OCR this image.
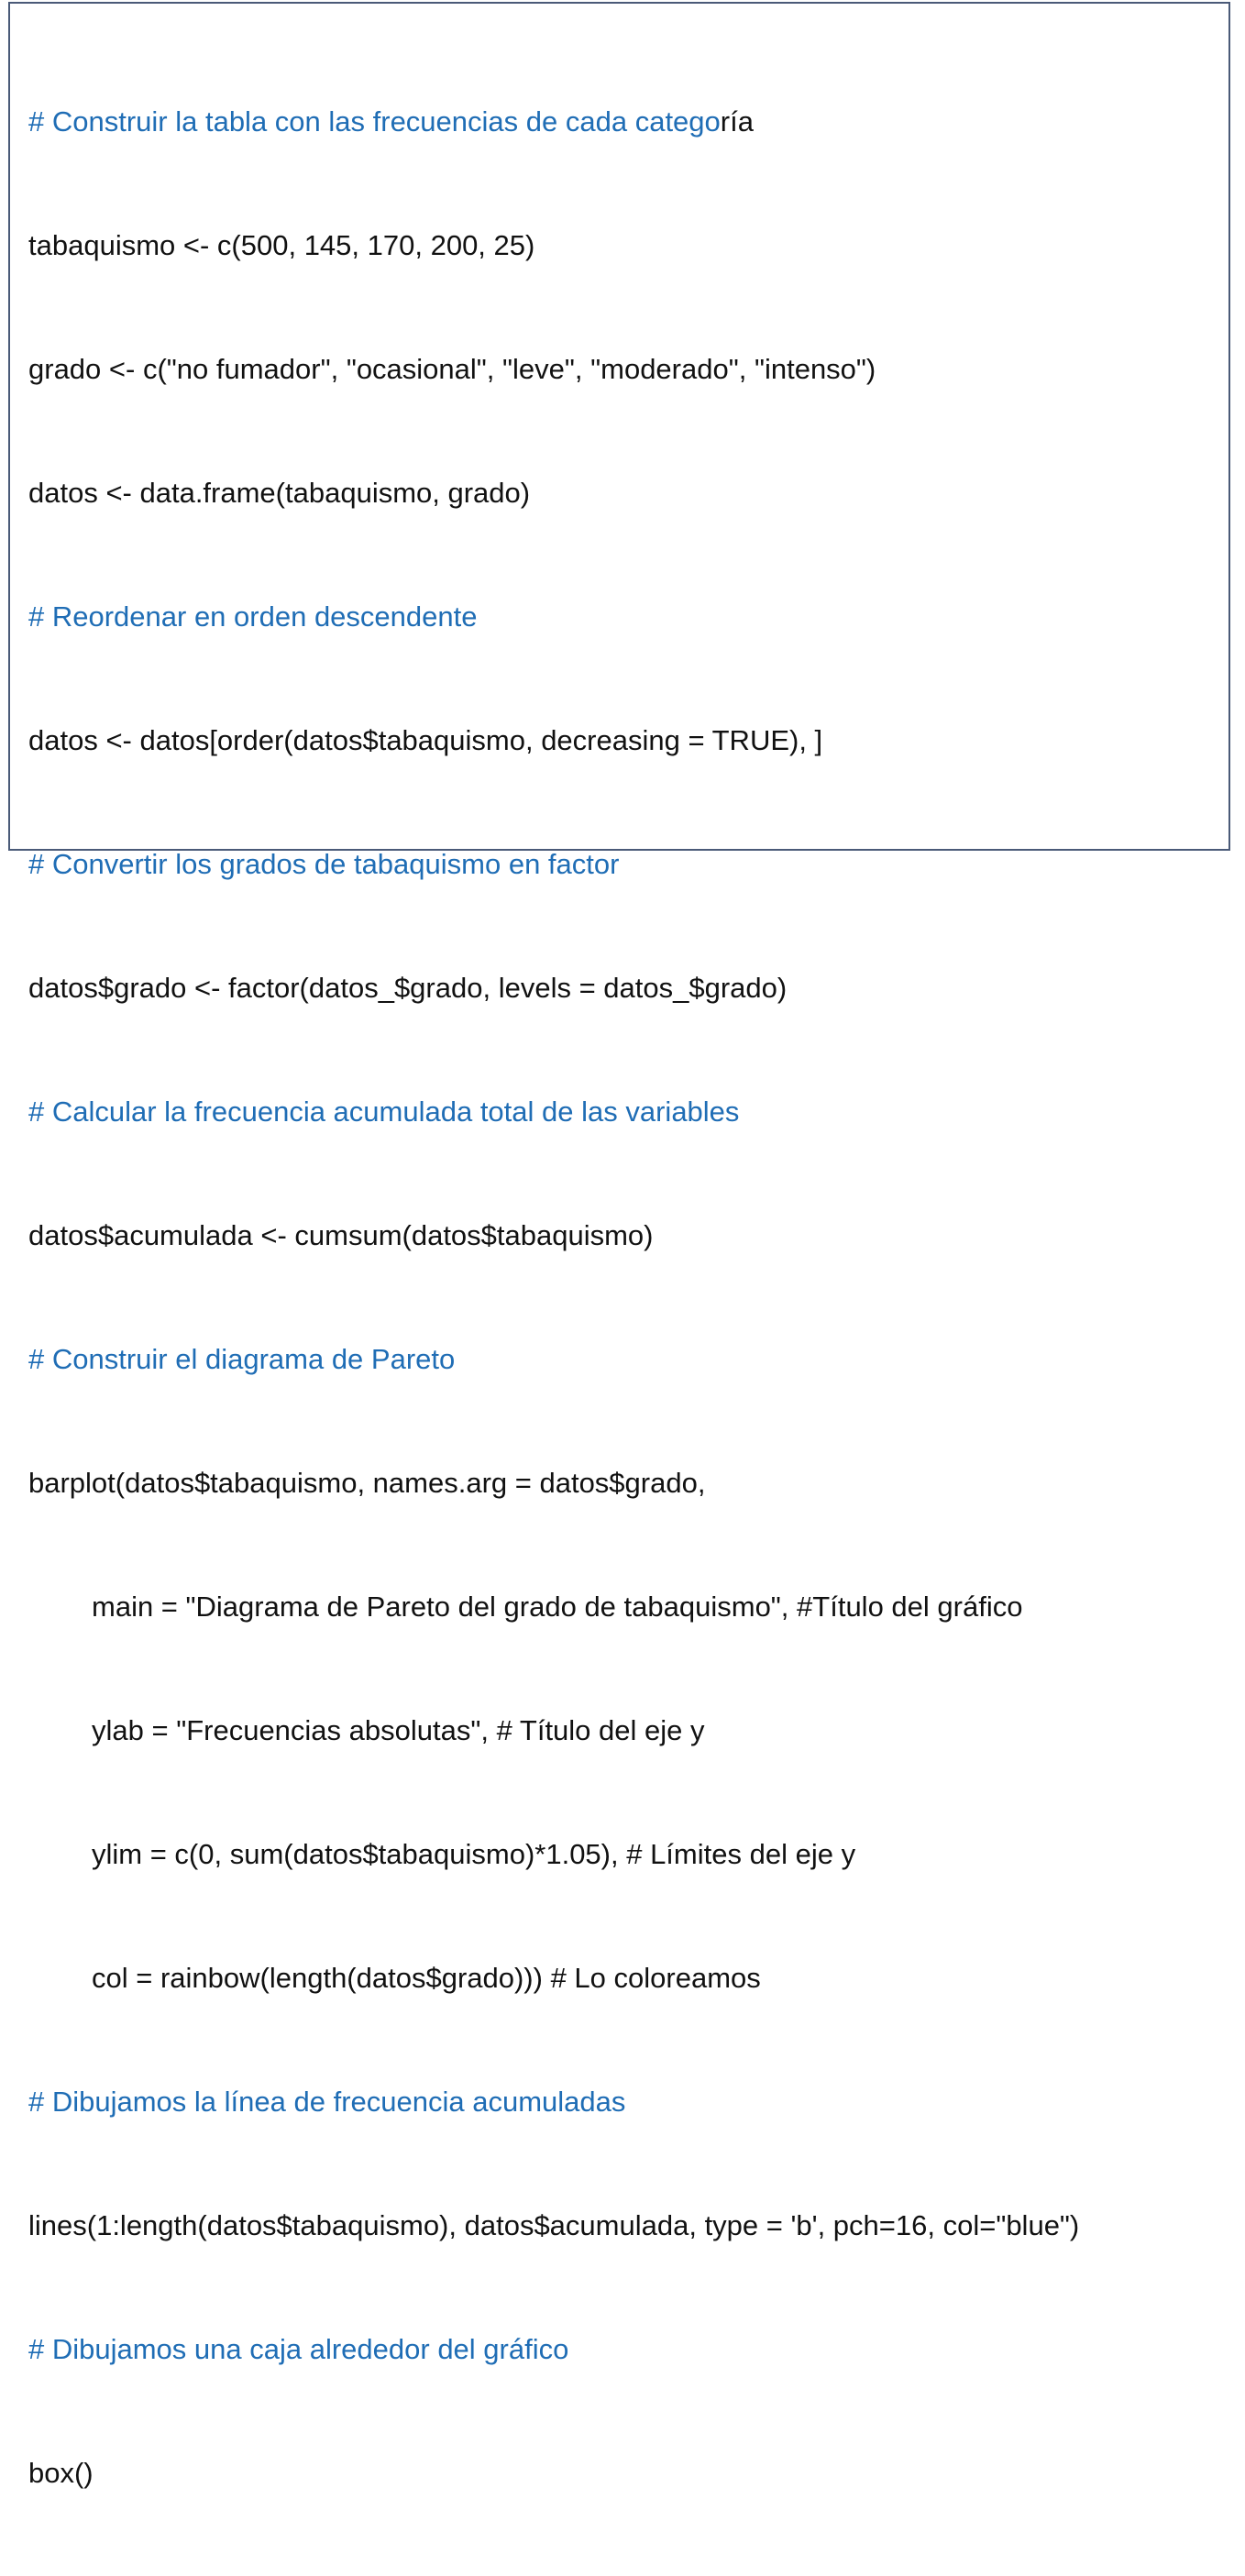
# Construir la tabla con las frecuencias de cada categoría

tabaquismo <- c(500, 145, 170, 200, 25)

grado <- c("no fumador", "ocasional", "leve", "moderado", "intenso")

datos <- data.frame(tabaquismo, grado)

# Reordenar en orden descendente

datos <- datos[order(datos$tabaquismo, decreasing = TRUE), ]

# Convertir los grados de tabaquismo en factor

datos$grado <- factor(datos_$grado, levels = datos_$grado)

# Calcular la frecuencia acumulada total de las variables

datos$acumulada <- cumsum(datos$tabaquismo)

# Construir el diagrama de Pareto

barplot(datos$tabaquismo, names.arg = datos$grado,

main = "Diagrama de Pareto del grado de tabaquismo", #Título del gráfico

ylab = "Frecuencias absolutas", # Título del eje y

ylim = c(0, sum(datos$tabaquismo)*1.05), # Límites del eje y

col = rainbow(length(datos$grado))) # Lo coloreamos

# Dibujamos la línea de frecuencia acumuladas

lines(1:length(datos$tabaquismo), datos$acumulada, type = 'b', pch=16, col="blue")

# Dibujamos una caja alrededor del gráfico

box()
